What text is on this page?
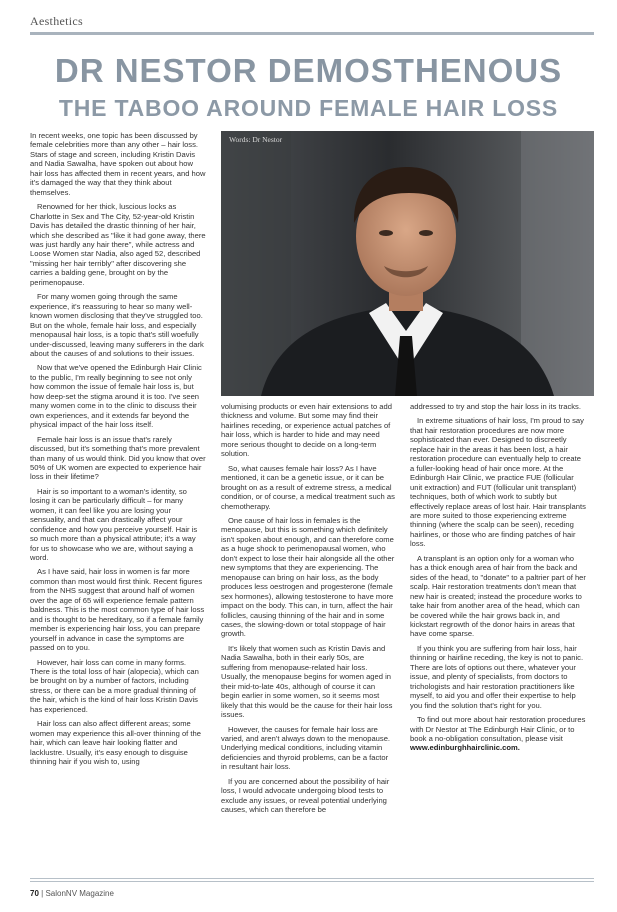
Aesthetics
DR NESTOR DEMOSTHENOUS
THE TABOO AROUND FEMALE HAIR LOSS

In recent weeks, one topic has been discussed by female celebrities more than any other – hair loss. Stars of stage and screen, including Kristin Davis and Nadia Sawalha, have spoken out about how hair loss has affected them in recent years, and how it's damaged the way that they think about themselves.

Renowned for her thick, luscious locks as Charlotte in Sex and The City, 52-year-old Kristin Davis has detailed the drastic thinning of her hair, which she described as "like it had gone away, there was just hardly any hair there", while actress and Loose Women star Nadia, also aged 52, described "missing her hair terribly" after discovering she carries a balding gene, brought on by the perimenopause.

For many women going through the same experience, it's reassuring to hear so many well-known women disclosing that they've struggled too. But on the whole, female hair loss, and especially menopausal hair loss, is a topic that's still woefully under-discussed, leaving many sufferers in the dark about the causes of and solutions to their issues.

Now that we've opened the Edinburgh Hair Clinic to the public, I'm really beginning to see not only how common the issue of female hair loss is, but how deep-set the stigma around it is too. I've seen many women come in to the clinic to discuss their own experiences, and it extends far beyond the physical impact of the hair loss itself.

Female hair loss is an issue that's rarely discussed, but it's something that's more prevalent than many of us would think. Did you know that over 50% of UK women are expected to experience hair loss in their lifetime?

Hair is so important to a woman's identity, so losing it can be particularly difficult – for many women, it can feel like you are losing your sensuality, and that can drastically affect your confidence and how you perceive yourself. Hair is so much more than a physical attribute; it's a way for us to showcase who we are, without saying a word.

As I have said, hair loss in women is far more common than most would first think. Recent figures from the NHS suggest that around half of women over the age of 65 will experience female pattern baldness. This is the most common type of hair loss and is thought to be hereditary, so if a female family member is experiencing hair loss, you can prepare yourself in advance in case the symptoms are passed on to you.

However, hair loss can come in many forms. There is the total loss of hair (alopecia), which can be brought on by a number of factors, including stress, or there can be a more gradual thinning of the hair, which is the kind of hair loss Kristin Davis has experienced.

Hair loss can also affect different areas; some women may experience this all-over thinning of the hair, which can leave hair looking flatter and lacklustre. Usually, it's easy enough to disguise thinning hair if you wish to, using

Words: Dr Nestor

volumising products or even hair extensions to add thickness and volume. But some may find their hairlines receding, or experience actual patches of hair loss, which is harder to hide and may need more serious thought to decide on a long-term solution.

So, what causes female hair loss? As I have mentioned, it can be a genetic issue, or it can be brought on as a result of extreme stress, a medical condition, or of course, a medical treatment such as chemotherapy.

One cause of hair loss in females is the menopause, but this is something which definitely isn't spoken about enough, and can therefore come as a huge shock to perimenopausal women, who don't expect to lose their hair alongside all the other new symptoms that they are experiencing. The menopause can bring on hair loss, as the body produces less oestrogen and progesterone (female sex hormones), allowing testosterone to have more impact on the body. This can, in turn, affect the hair follicles, causing thinning of the hair and in some cases, the slowing-down or total stoppage of hair growth.

It's likely that women such as Kristin Davis and Nadia Sawalha, both in their early 50s, are suffering from menopause-related hair loss. Usually, the menopause begins for women aged in their mid-to-late 40s, although of course it can begin earlier in some women, so it seems most likely that this would be the cause for their hair loss issues.

However, the causes for female hair loss are varied, and aren't always down to the menopause. Underlying medical conditions, including vitamin deficiencies and thyroid problems, can be a factor in resultant hair loss.

If you are concerned about the possibility of hair loss, I would advocate undergoing blood tests to exclude any issues, or reveal potential underlying causes, which can therefore be

addressed to try and stop the hair loss in its tracks.

In extreme situations of hair loss, I'm proud to say that hair restoration procedures are now more sophisticated than ever. Designed to discreetly replace hair in the areas it has been lost, a hair restoration procedure can eventually help to create a fuller-looking head of hair once more. At the Edinburgh Hair Clinic, we practice FUE (follicular unit extraction) and FUT (follicular unit transplant) techniques, both of which work to subtly but effectively replace areas of lost hair. Hair transplants are more suited to those experiencing extreme thinning (where the scalp can be seen), receding hairlines, or those who are finding patches of hair loss.

A transplant is an option only for a woman who has a thick enough area of hair from the back and sides of the head, to "donate" to a paltrier part of her scalp. Hair restoration treatments don't mean that new hair is created; instead the procedure works to take hair from another area of the head, which can be covered while the hair grows back in, and kickstart regrowth of the donor hairs in areas that have come sparse.

If you think you are suffering from hair loss, hair thinning or hairline receding, the key is not to panic. There are lots of options out there, whatever your issue, and plenty of specialists, from doctors to trichologists and hair restoration practitioners like myself, to aid you and offer their expertise to help you find the solution that's right for you.

To find out more about hair restoration procedures with Dr Nestor at The Edinburgh Hair Clinic, or to book a no-obligation consultation, please visit www.edinburghhairclinic.com.

70 | SalonNV Magazine
